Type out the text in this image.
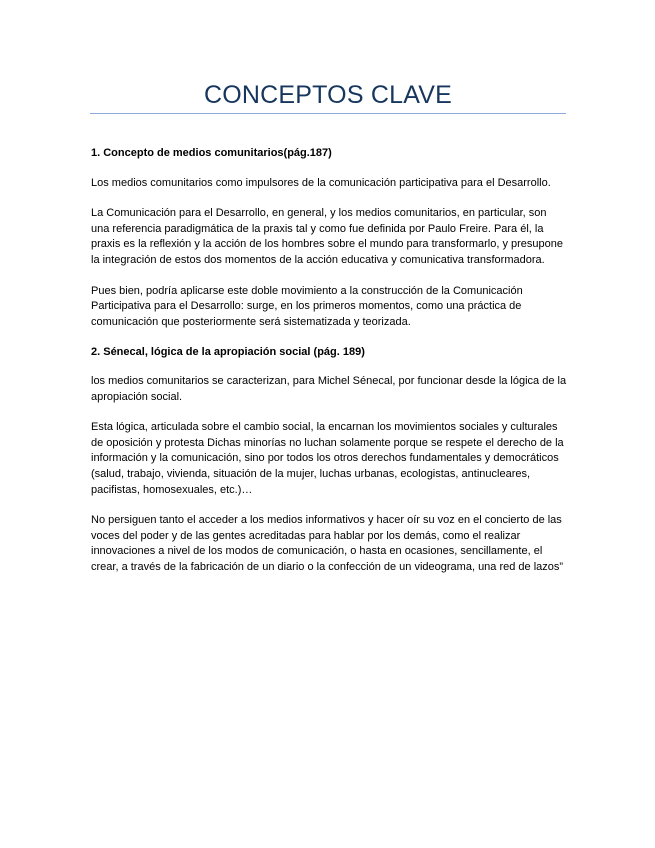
CONCEPTOS CLAVE

1. Concepto de medios comunitarios(pág.187)

Los medios comunitarios como impulsores de la comunicación participativa para el Desarrollo.

La Comunicación para el Desarrollo, en general, y los medios comunitarios, en particular, son una referencia paradigmática de la praxis tal y como fue definida por Paulo Freire. Para él, la praxis es la reflexión y la acción de los hombres sobre el mundo para transformarlo, y presupone la integración de estos dos momentos de la acción educativa y comunicativa transformadora.

Pues bien, podría aplicarse este doble movimiento a la construcción de la Comunicación Participativa para el Desarrollo: surge, en los primeros momentos, como una práctica de comunicación que posteriormente será sistematizada y teorizada.

2. Sénecal, lógica de la apropiación social (pág. 189)

los medios comunitarios se caracterizan, para Michel Sénecal, por funcionar desde la lógica de la apropiación social.

Esta lógica, articulada sobre el cambio social, la encarnan los movimientos sociales y culturales de oposición y protesta Dichas minorías no luchan solamente porque se respete el derecho de la información y la comunicación, sino por todos los otros derechos fundamentales y democráticos (salud, trabajo, vivienda, situación de la mujer, luchas urbanas, ecologistas, antinucleares, pacifistas, homosexuales, etc.)…

No persiguen tanto el acceder a los medios informativos y hacer oír su voz en el concierto de las voces del poder y de las gentes acreditadas para hablar por los demás, como el realizar innovaciones a nivel de los modos de comunicación, o hasta en ocasiones, sencillamente, el crear, a través de la fabricación de un diario o la confección de un videograma, una red de lazos”
